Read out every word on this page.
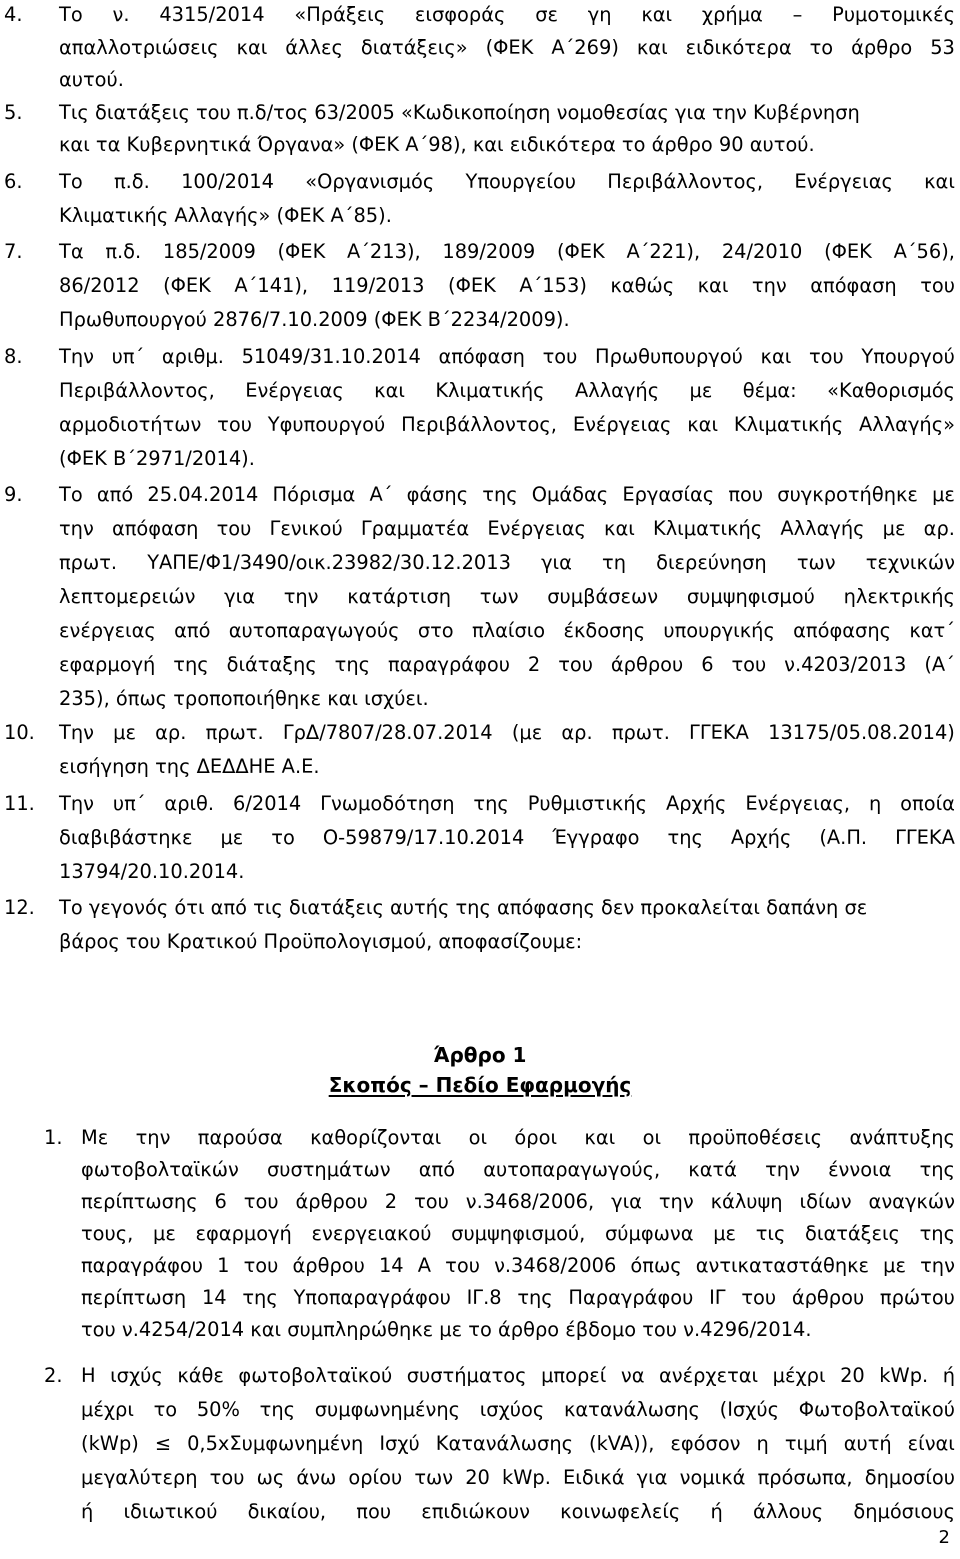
4. Το ν. 4315/2014 «Πράξεις εισφοράς σε γη και χρήμα – Ρυμοτομικές
απαλλοτριώσεις και άλλες διατάξεις» (ΦΕΚ Α΄269) και ειδικότερα το άρθρο 53
αυτού.
5. Τις διατάξεις του π.δ/τος 63/2005 «Κωδικοποίηση νομοθεσίας για την Κυβέρνηση
και τα Κυβερνητικά Όργανα» (ΦΕΚ Α΄98), και ειδικότερα το άρθρο 90 αυτού.
6. Το π.δ. 100/2014 «Οργανισμός Υπουργείου Περιβάλλοντος, Ενέργειας και
Κλιματικής Αλλαγής» (ΦΕΚ Α΄85).
7. Τα π.δ. 185/2009 (ΦΕΚ Α΄213), 189/2009 (ΦΕΚ Α΄221), 24/2010 (ΦΕΚ Α΄56),
86/2012 (ΦΕΚ Α΄141), 119/2013 (ΦΕΚ Α΄153) καθώς και την απόφαση του
Πρωθυπουργού 2876/7.10.2009 (ΦΕΚ Β΄2234/2009).
8. Την υπ΄ αριθμ. 51049/31.10.2014 απόφαση του Πρωθυπουργού και του Υπουργού
Περιβάλλοντος, Ενέργειας και Κλιματικής Αλλαγής με θέμα: «Καθορισμός
αρμοδιοτήτων του Υφυπουργού Περιβάλλοντος, Ενέργειας και Κλιματικής Αλλαγής»
(ΦΕΚ Β΄2971/2014).
9. Το από 25.04.2014 Πόρισμα Α΄ φάσης της Ομάδας Εργασίας που συγκροτήθηκε με
την απόφαση του Γενικού Γραμματέα Ενέργειας και Κλιματικής Αλλαγής με αρ.
πρωτ. ΥΑΠΕ/Φ1/3490/οικ.23982/30.12.2013 για τη διερεύνηση των τεχνικών
λεπτομερειών για την κατάρτιση των συμβάσεων συμψηφισμού ηλεκτρικής
ενέργειας από αυτοπαραγωγούς στο πλαίσιο έκδοσης υπουργικής απόφασης κατ΄
εφαρμογή της διάταξης της παραγράφου 2 του άρθρου 6 του ν.4203/2013 (Α΄
235), όπως τροποποιήθηκε και ισχύει.
10. Την με αρ. πρωτ. ΓρΔ/7807/28.07.2014 (με αρ. πρωτ. ΓΓΕΚΑ 13175/05.08.2014)
εισήγηση της ΔΕΔΔΗΕ Α.Ε.
11. Την υπ΄ αριθ. 6/2014 Γνωμοδότηση της Ρυθμιστικής Αρχής Ενέργειας, η οποία
διαβιβάστηκε με το Ο-59879/17.10.2014 Έγγραφο της Αρχής (Α.Π. ΓΓΕΚΑ
13794/20.10.2014.
12. Το γεγονός ότι από τις διατάξεις αυτής της απόφασης δεν προκαλείται δαπάνη σε
βάρος του Κρατικού Προϋπολογισμού, αποφασίζουμε:
Άρθρο 1
Σκοπός – Πεδίο Εφαρμογής
1. Με την παρούσα καθορίζονται οι όροι και οι προϋποθέσεις ανάπτυξης
φωτοβολταϊκών συστημάτων από αυτοπαραγωγούς, κατά την έννοια της
περίπτωσης 6 του άρθρου 2 του ν.3468/2006, για την κάλυψη ιδίων αναγκών
τους, με εφαρμογή ενεργειακού συμψηφισμού, σύμφωνα με τις διατάξεις της
παραγράφου 1 του άρθρου 14 Α του ν.3468/2006 όπως αντικαταστάθηκε με την
περίπτωση 14 της Υποπαραγράφου ΙΓ.8 της Παραγράφου ΙΓ του άρθρου πρώτου
του ν.4254/2014 και συμπληρώθηκε με το άρθρο έβδομο του ν.4296/2014.
2. Η ισχύς κάθε φωτοβολταϊκού συστήματος μπορεί να ανέρχεται μέχρι 20 kWp. ή
μέχρι το 50% της συμφωνημένης ισχύος κατανάλωσης (Ισχύς Φωτοβολταϊκού
(kWp) ≤ 0,5xΣυμφωνημένη Ισχύ Κατανάλωσης (kVA)), εφόσον η τιμή αυτή είναι
μεγαλύτερη του ως άνω ορίου των 20 kWp. Ειδικά για νομικά πρόσωπα, δημοσίου
ή ιδιωτικού δικαίου, που επιδιώκουν κοινωφελείς ή άλλους δημόσιους
2
